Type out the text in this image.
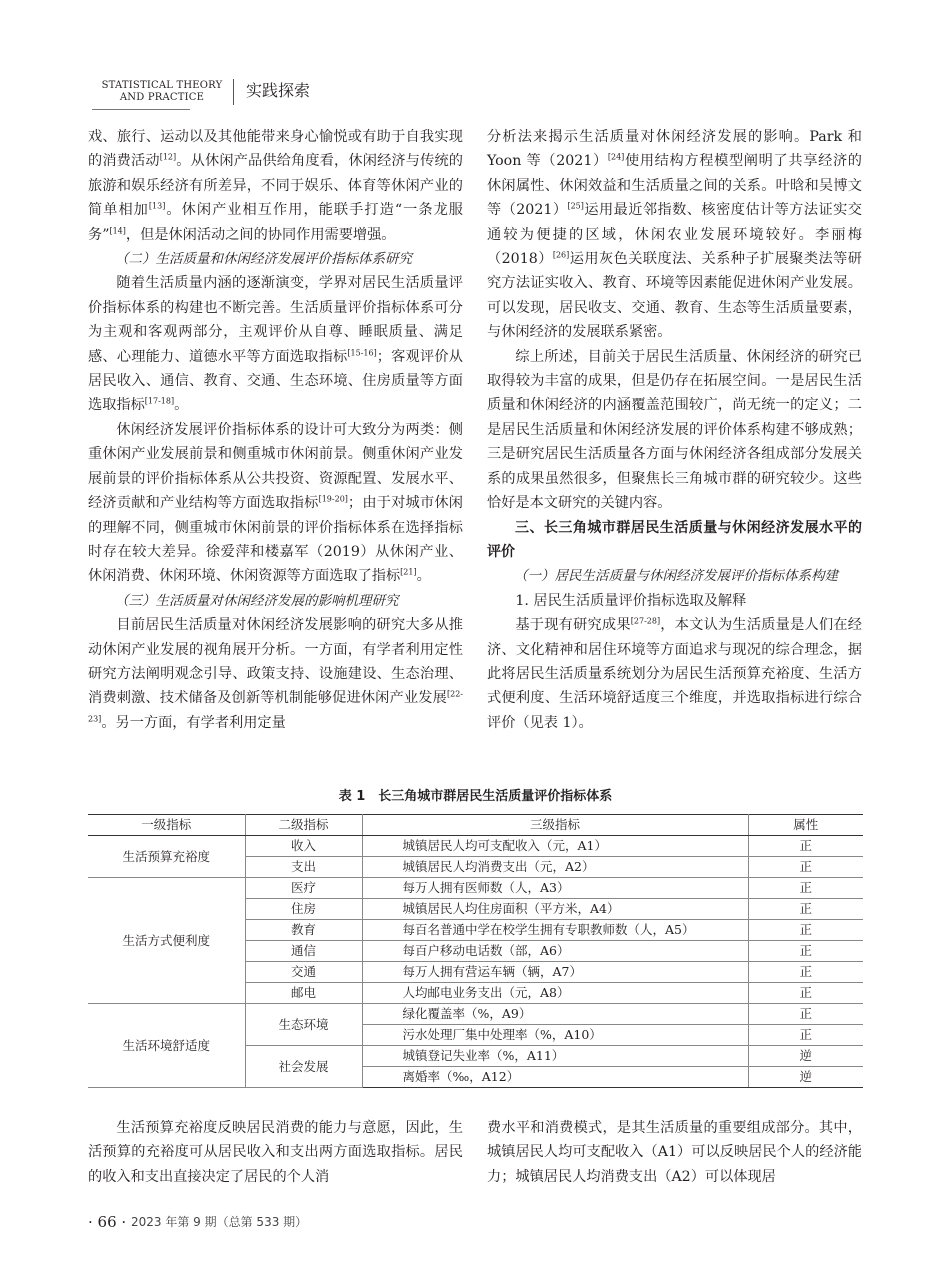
STATISTICAL THEORY
AND PRACTICE	实践探索

戏、旅行、运动以及其他能带来身心愉悦或有助于自我实现的消费活动[12]。从休闲产品供给角度看，休闲经济与传统的旅游和娱乐经济有所差异，不同于娱乐、体育等休闲产业的简单相加[13]。休闲产业相互作用，能联手打造“一条龙服务”[14]，但是休闲活动之间的协同作用需要增强。

（二）生活质量和休闲经济发展评价指标体系研究

随着生活质量内涵的逐渐演变，学界对居民生活质量评价指标体系的构建也不断完善。生活质量评价指标体系可分为主观和客观两部分，主观评价从自尊、睡眠质量、满足感、心理能力、道德水平等方面选取指标[15-16]；客观评价从居民收入、通信、教育、交通、生态环境、住房质量等方面选取指标[17-18]。

休闲经济发展评价指标体系的设计可大致分为两类：侧重休闲产业发展前景和侧重城市休闲前景。侧重休闲产业发展前景的评价指标体系从公共投资、资源配置、发展水平、经济贡献和产业结构等方面选取指标[19-20]；由于对城市休闲的理解不同，侧重城市休闲前景的评价指标体系在选择指标时存在较大差异。徐爱萍和楼嘉军（2019）从休闲产业、休闲消费、休闲环境、休闲资源等方面选取了指标[21]。

（三）生活质量对休闲经济发展的影响机理研究

目前居民生活质量对休闲经济发展影响的研究大多从推动休闲产业发展的视角展开分析。一方面，有学者利用定性研究方法阐明观念引导、政策支持、设施建设、生态治理、消费刺激、技术储备及创新等机制能够促进休闲产业发展[22-23]。另一方面，有学者利用定量

分析法来揭示生活质量对休闲经济发展的影响。Park 和 Yoon 等（2021）[24]使用结构方程模型阐明了共享经济的休闲属性、休闲效益和生活质量之间的关系。叶晗和吴博文等（2021）[25]运用最近邻指数、核密度估计等方法证实交通较为便捷的区域，休闲农业发展环境较好。李丽梅（2018）[26]运用灰色关联度法、关系种子扩展聚类法等研究方法证实收入、教育、环境等因素能促进休闲产业发展。可以发现，居民收支、交通、教育、生态等生活质量要素，与休闲经济的发展联系紧密。

综上所述，目前关于居民生活质量、休闲经济的研究已取得较为丰富的成果，但是仍存在拓展空间。一是居民生活质量和休闲经济的内涵覆盖范围较广，尚无统一的定义；二是居民生活质量和休闲经济发展的评价体系构建不够成熟；三是研究居民生活质量各方面与休闲经济各组成部分发展关系的成果虽然很多，但聚焦长三角城市群的研究较少。这些恰好是本文研究的关键内容。

三、长三角城市群居民生活质量与休闲经济发展水平的评价

（一）居民生活质量与休闲经济发展评价指标体系构建

1. 居民生活质量评价指标选取及解释

基于现有研究成果[27-28]，本文认为生活质量是人们在经济、文化精神和居住环境等方面追求与现况的综合理念，据此将居民生活质量系统划分为居民生活预算充裕度、生活方式便利度、生活环境舒适度三个维度，并选取指标进行综合评价（见表 1）。

表 1　长三角城市群居民生活质量评价指标体系
一级指标	二级指标	三级指标	属性
生活预算充裕度	收入	城镇居民人均可支配收入（元，A1）	正
	支出	城镇居民人均消费支出（元，A2）	正
生活方式便利度	医疗	每万人拥有医师数（人，A3）	正
	住房	城镇居民人均住房面积（平方米，A4）	正
	教育	每百名普通中学在校学生拥有专职教师数（人，A5）	正
	通信	每百户移动电话数（部，A6）	正
	交通	每万人拥有营运车辆（辆，A7）	正
	邮电	人均邮电业务支出（元，A8）	正
生活环境舒适度	生态环境	绿化覆盖率（%，A9）	正
		污水处理厂集中处理率（%，A10）	正
	社会发展	城镇登记失业率（%，A11）	逆
		离婚率（‰，A12）	逆

生活预算充裕度反映居民消费的能力与意愿，因此，生活预算的充裕度可从居民收入和支出两方面选取指标。居民的收入和支出直接决定了居民的个人消

费水平和消费模式，是其生活质量的重要组成部分。其中，城镇居民人均可支配收入（A1）可以反映居民个人的经济能力；城镇居民人均消费支出（A2）可以体现居

· 66 · 2023 年第 9 期（总第 533 期）
